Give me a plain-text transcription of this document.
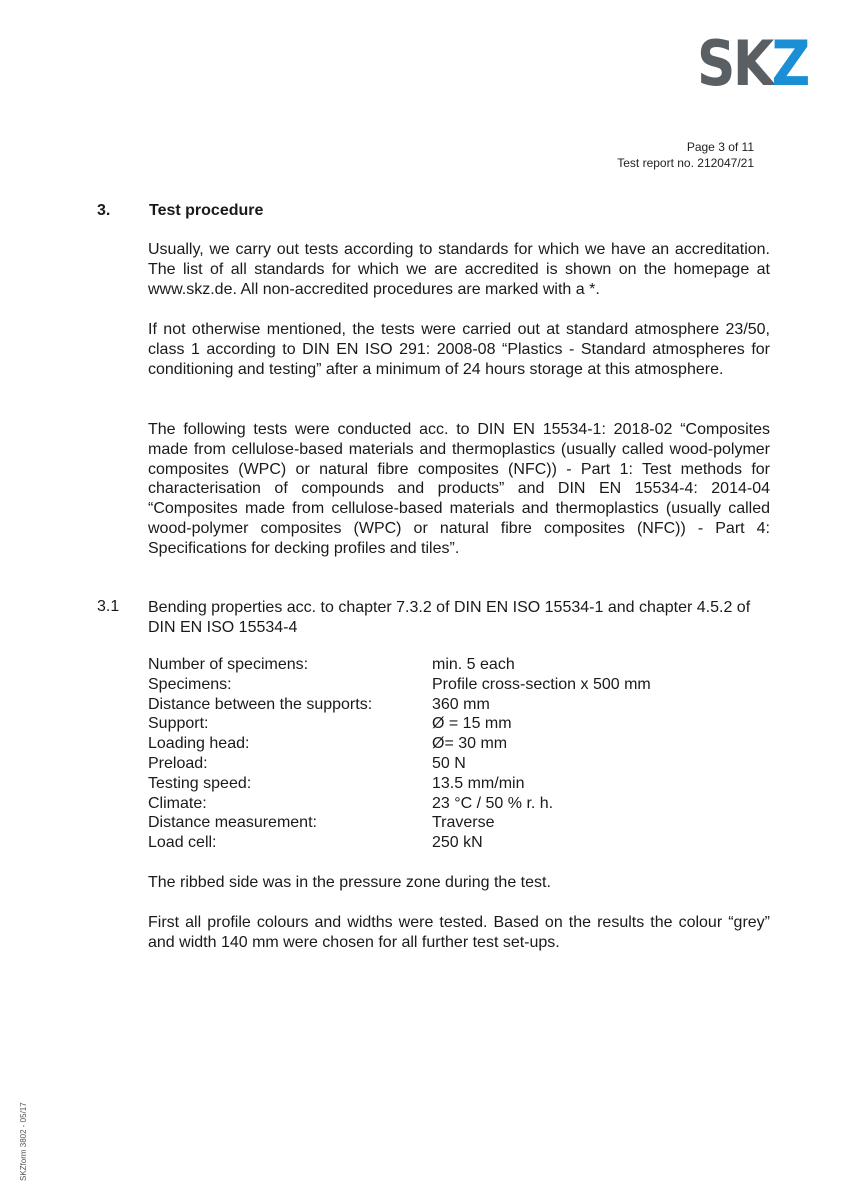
SKZ
Page 3 of 11
Test report no. 212047/21
3. Test procedure

Usually, we carry out tests according to standards for which we have an accreditation. The list of all standards for which we are accredited is shown on the homepage at www.skz.de. All non-accredited procedures are marked with a *.

If not otherwise mentioned, the tests were carried out at standard atmosphere 23/50, class 1 according to DIN EN ISO 291: 2008-08 “Plastics - Standard atmospheres for conditioning and testing” after a minimum of 24 hours storage at this atmosphere.

The following tests were conducted acc. to DIN EN 15534-1: 2018-02 “Composites made from cellulose-based materials and thermoplastics (usually called wood-polymer composites (WPC) or natural fibre composites (NFC)) - Part 1: Test methods for characterisation of compounds and products” and DIN EN 15534-4: 2014-04 “Composites made from cellulose-based materials and thermoplastics (usually called wood-polymer composites (WPC) or natural fibre composites (NFC)) - Part 4: Specifications for decking profiles and tiles”.

3.1 Bending properties acc. to chapter 7.3.2 of DIN EN ISO 15534-1 and chapter 4.5.2 of DIN EN ISO 15534-4

Number of specimens:	min. 5 each
Specimens:	Profile cross-section x 500 mm
Distance between the supports:	360 mm
Support:	Ø = 15 mm
Loading head:	Ø= 30 mm
Preload:	50 N
Testing speed:	13.5 mm/min
Climate:	23 °C / 50 % r. h.
Distance measurement:	Traverse
Load cell:	250 kN

The ribbed side was in the pressure zone during the test.

First all profile colours and widths were tested. Based on the results the colour “grey” and width 140 mm were chosen for all further test set-ups.

SKZform 3802 - 05/17
